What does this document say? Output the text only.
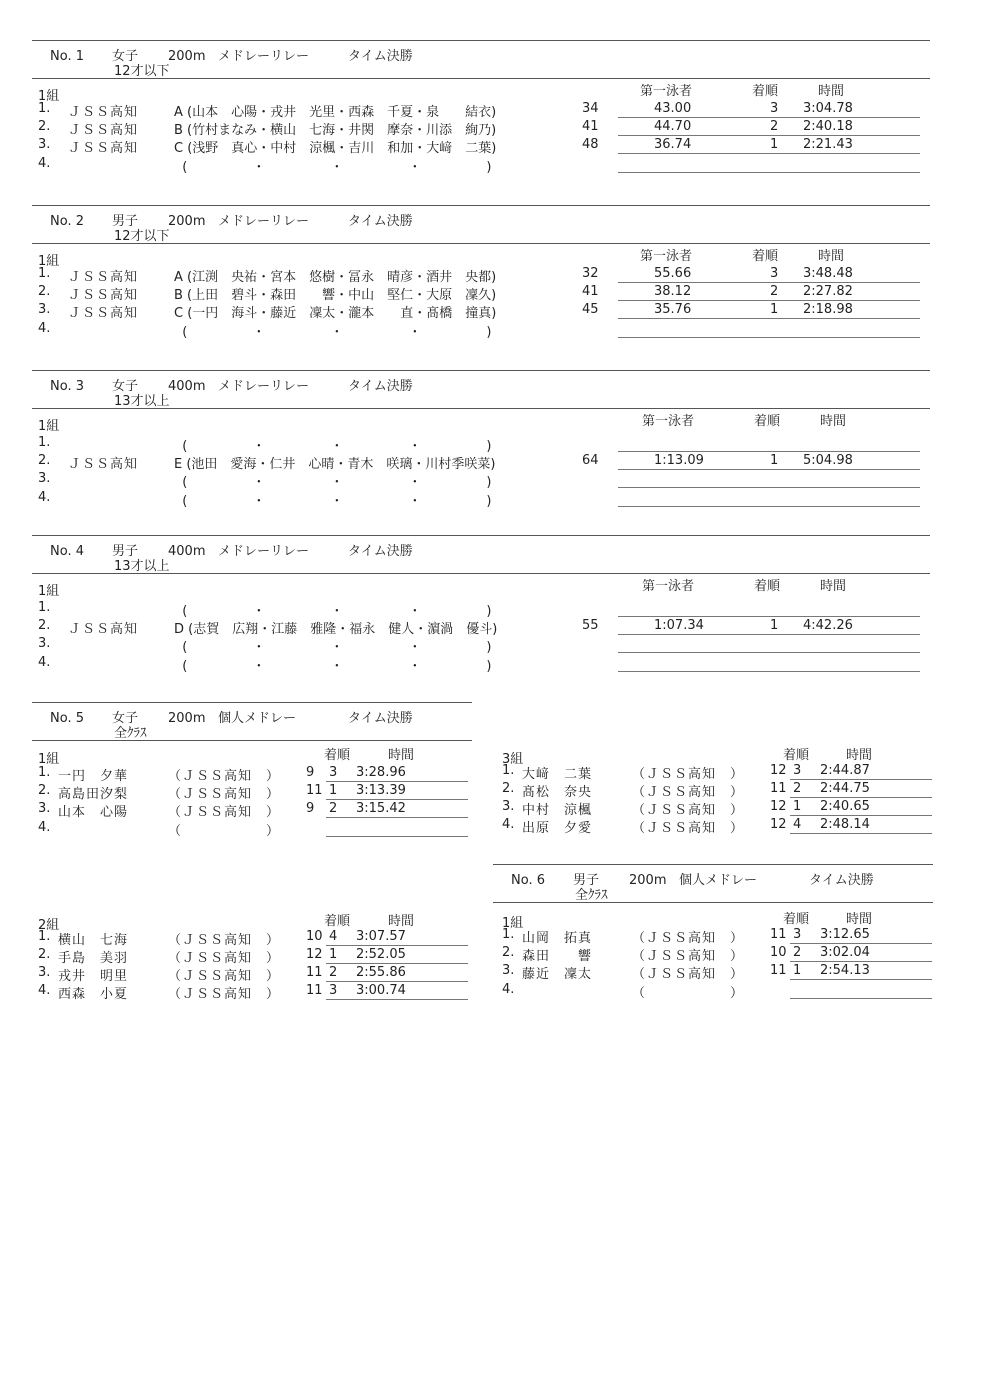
No. 1 女子 200m メドレーリレー	タイム決勝
12才以下
1組	第一泳者	着順	時間
1. ＪＳＳ高知	A (山本　心陽・戎井　光里・西森　千夏・泉　　結衣)	34	43.00	3 3:04.78
2. ＪＳＳ高知	B (竹村まなみ・横山　七海・井関　摩奈・川添　絢乃)	41	44.70	2 2:40.18
3. ＪＳＳ高知	C (浅野　真心・中村　涼楓・吉川　和加・大﨑　二葉)	48	36.74	1 2:21.43
4.	(　　　　　・　　　　　・　　　　　・　　　　　)
No. 2 男子 200m メドレーリレー	タイム決勝
12才以下
1組	第一泳者	着順	時間
1. ＪＳＳ高知	A (江渕　央祐・宮本　悠樹・冨永　晴彦・酒井　央都)	32	55.66	3 3:48.48
2. ＪＳＳ高知	B (上田　碧斗・森田　　響・中山　堅仁・大原　凜久)	41	38.12	2 2:27.82
3. ＪＳＳ高知	C (一円　海斗・藤近　凜太・瀧本　　直・髙橋　撞真)	45	35.76	1 2:18.98
4.	(　　　　　・　　　　　・　　　　　・　　　　　)
No. 3 女子 400m メドレーリレー	タイム決勝
13才以上
1組	第一泳者	着順	時間
1.	(　　　　　・　　　　　・　　　　　・　　　　　)
2. ＪＳＳ高知	E (池田　愛海・仁井　心晴・青木　咲璃・川村季咲菜)	64	1:13.09	1 5:04.98
3.	(　　　　　・　　　　　・　　　　　・　　　　　)
4.	(　　　　　・　　　　　・　　　　　・　　　　　)
No. 4 男子 400m メドレーリレー	タイム決勝
13才以上
1組	第一泳者	着順	時間
1.	(　　　　　・　　　　　・　　　　　・　　　　　)
2. ＪＳＳ高知	D (志賀　広翔・江藤　雅隆・福永　健人・濵渦　優斗)	55	1:07.34	1 4:42.26
3.	(　　　　　・　　　　　・　　　　　・　　　　　)
4.	(　　　　　・　　　　　・　　　　　・　　　　　)
No. 5 女子 200m 個人メドレー	タイム決勝
全ｸﾗｽ
1組	着順	時間
1. 一円　夕華	（ＪＳＳ高知　） 9 3 3:28.96
2. 高島田汐梨	（ＪＳＳ高知　） 11 1 3:13.39
3. 山本　心陽	（ＪＳＳ高知　） 9 2 3:15.42
4.	（　　　　　　）
3組	着順	時間
1. 大﨑　二葉	（ＪＳＳ高知　） 12 3 2:44.87
2. 髙松　奈央	（ＪＳＳ高知　） 11 2 2:44.75
3. 中村　涼楓	（ＪＳＳ高知　） 12 1 2:40.65
4. 出原　夕愛	（ＪＳＳ高知　） 12 4 2:48.14
No. 6 男子 200m 個人メドレー	タイム決勝
全ｸﾗｽ
2組	着順	時間
1. 横山　七海	（ＪＳＳ高知　） 10 4 3:07.57
2. 手島　美羽	（ＪＳＳ高知　） 12 1 2:52.05
3. 戎井　明里	（ＪＳＳ高知　） 11 2 2:55.86
4. 西森　小夏	（ＪＳＳ高知　） 11 3 3:00.74
1組	着順	時間
1. 山岡　拓真	（ＪＳＳ高知　） 11 3 3:12.65
2. 森田　　響	（ＪＳＳ高知　） 10 2 3:02.04
3. 藤近　凜太	（ＪＳＳ高知　） 11 1 2:54.13
4.	（　　　　　　）
